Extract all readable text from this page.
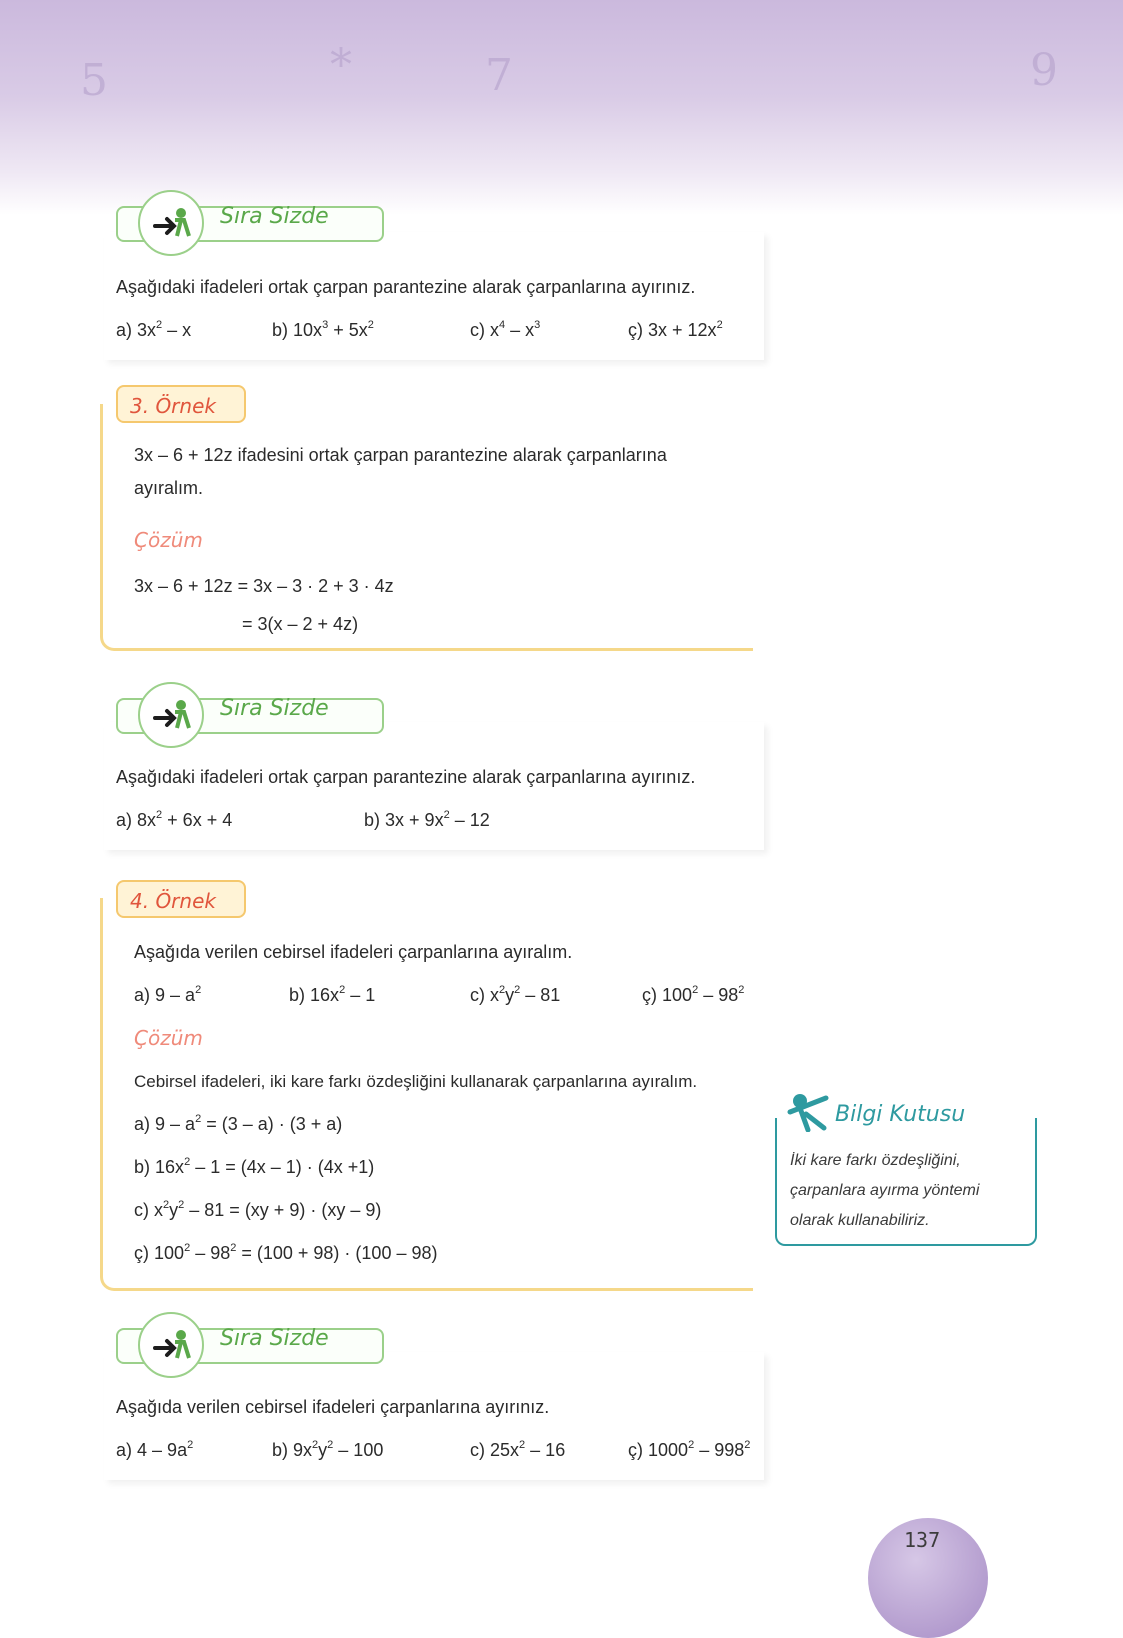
5	*	7	9
Sıra Sizde
Aşağıdaki ifadeleri ortak çarpan parantezine alarak çarpanlarına ayırınız.
a) $3x^2$ – x	b) $10x^3 + 5x^2$	c) $x^4 - x^3$	ç) $3x + 12x^2$
3. Örnek
3x – 6 + 12z ifadesini ortak çarpan parantezine alarak çarpanlarına
ayıralım.
Çözüm
3x – 6 + 12z = 3x – 3 · 2 + 3 · 4z
= 3(x – 2 + 4z)
Sıra Sizde
Aşağıdaki ifadeleri ortak çarpan parantezine alarak çarpanlarına ayırınız.
a) $8x^2 + 6x + 4$	b) $3x + 9x^2 - 12$
4. Örnek
Aşağıda verilen cebirsel ifadeleri çarpanlarına ayıralım.
a) $9 - a^2$	b) $16x^2 - 1$	c) $x^2y^2 - 81$	ç) $100^2 - 98^2$
Çözüm
Cebirsel ifadeleri, iki kare farkı özdeşliğini kullanarak çarpanlarına ayıralım.
a) $9 - a^2 = (3 - a) \cdot (3 + a)$
b) $16x^2 - 1 = (4x - 1) \cdot (4x +1)$
c) $x^2y^2 - 81 = (xy + 9) \cdot (xy - 9)$
ç) $100^2 - 98^2 = (100 + 98) \cdot (100 - 98)$
Bilgi Kutusu
İki kare farkı özdeşliğini,
çarpanlara ayırma yöntemi
olarak kullanabiliriz.
Sıra Sizde
Aşağıda verilen cebirsel ifadeleri çarpanlarına ayırınız.
a) $4 - 9a^2$	b) $9x^2y^2 - 100$	c) $25x^2 - 16$	ç) $1000^2 - 998^2$
137
